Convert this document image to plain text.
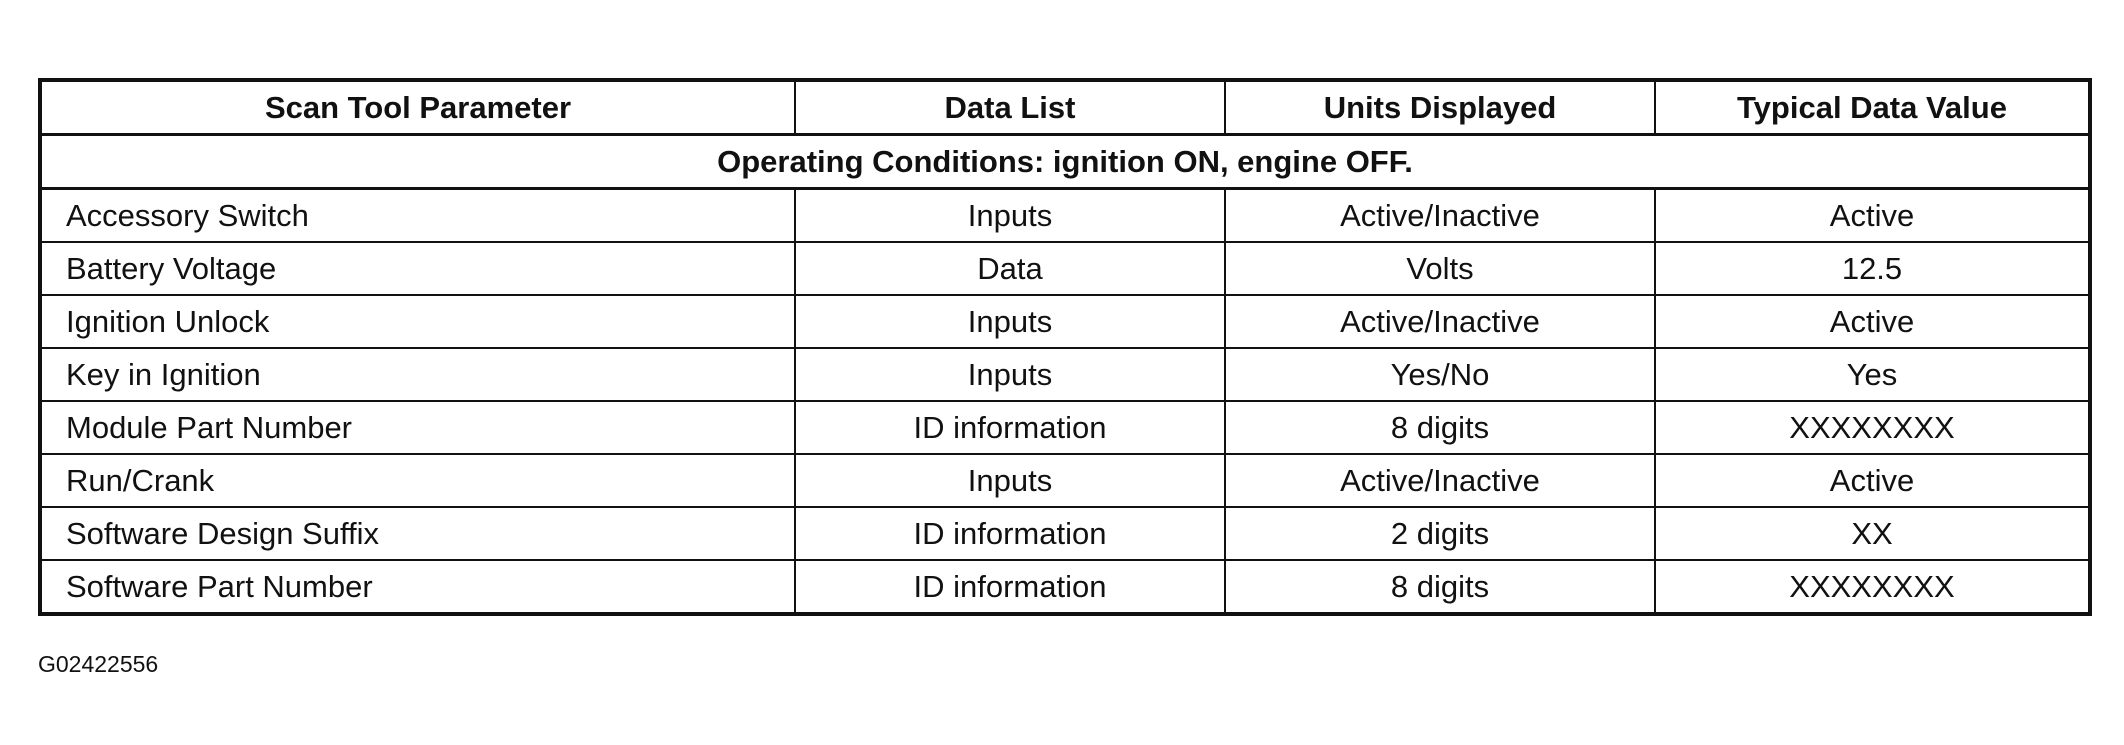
Scan Tool Parameter	Data List	Units Displayed	Typical Data Value
Operating Conditions: ignition ON, engine OFF.			
Accessory Switch	Inputs	Active/Inactive	Active
Battery Voltage	Data	Volts	12.5
Ignition Unlock	Inputs	Active/Inactive	Active
Key in Ignition	Inputs	Yes/No	Yes
Module Part Number	ID information	8 digits	XXXXXXXX
Run/Crank	Inputs	Active/Inactive	Active
Software Design Suffix	ID information	2 digits	XX
Software Part Number	ID information	8 digits	XXXXXXXX
G02422556
